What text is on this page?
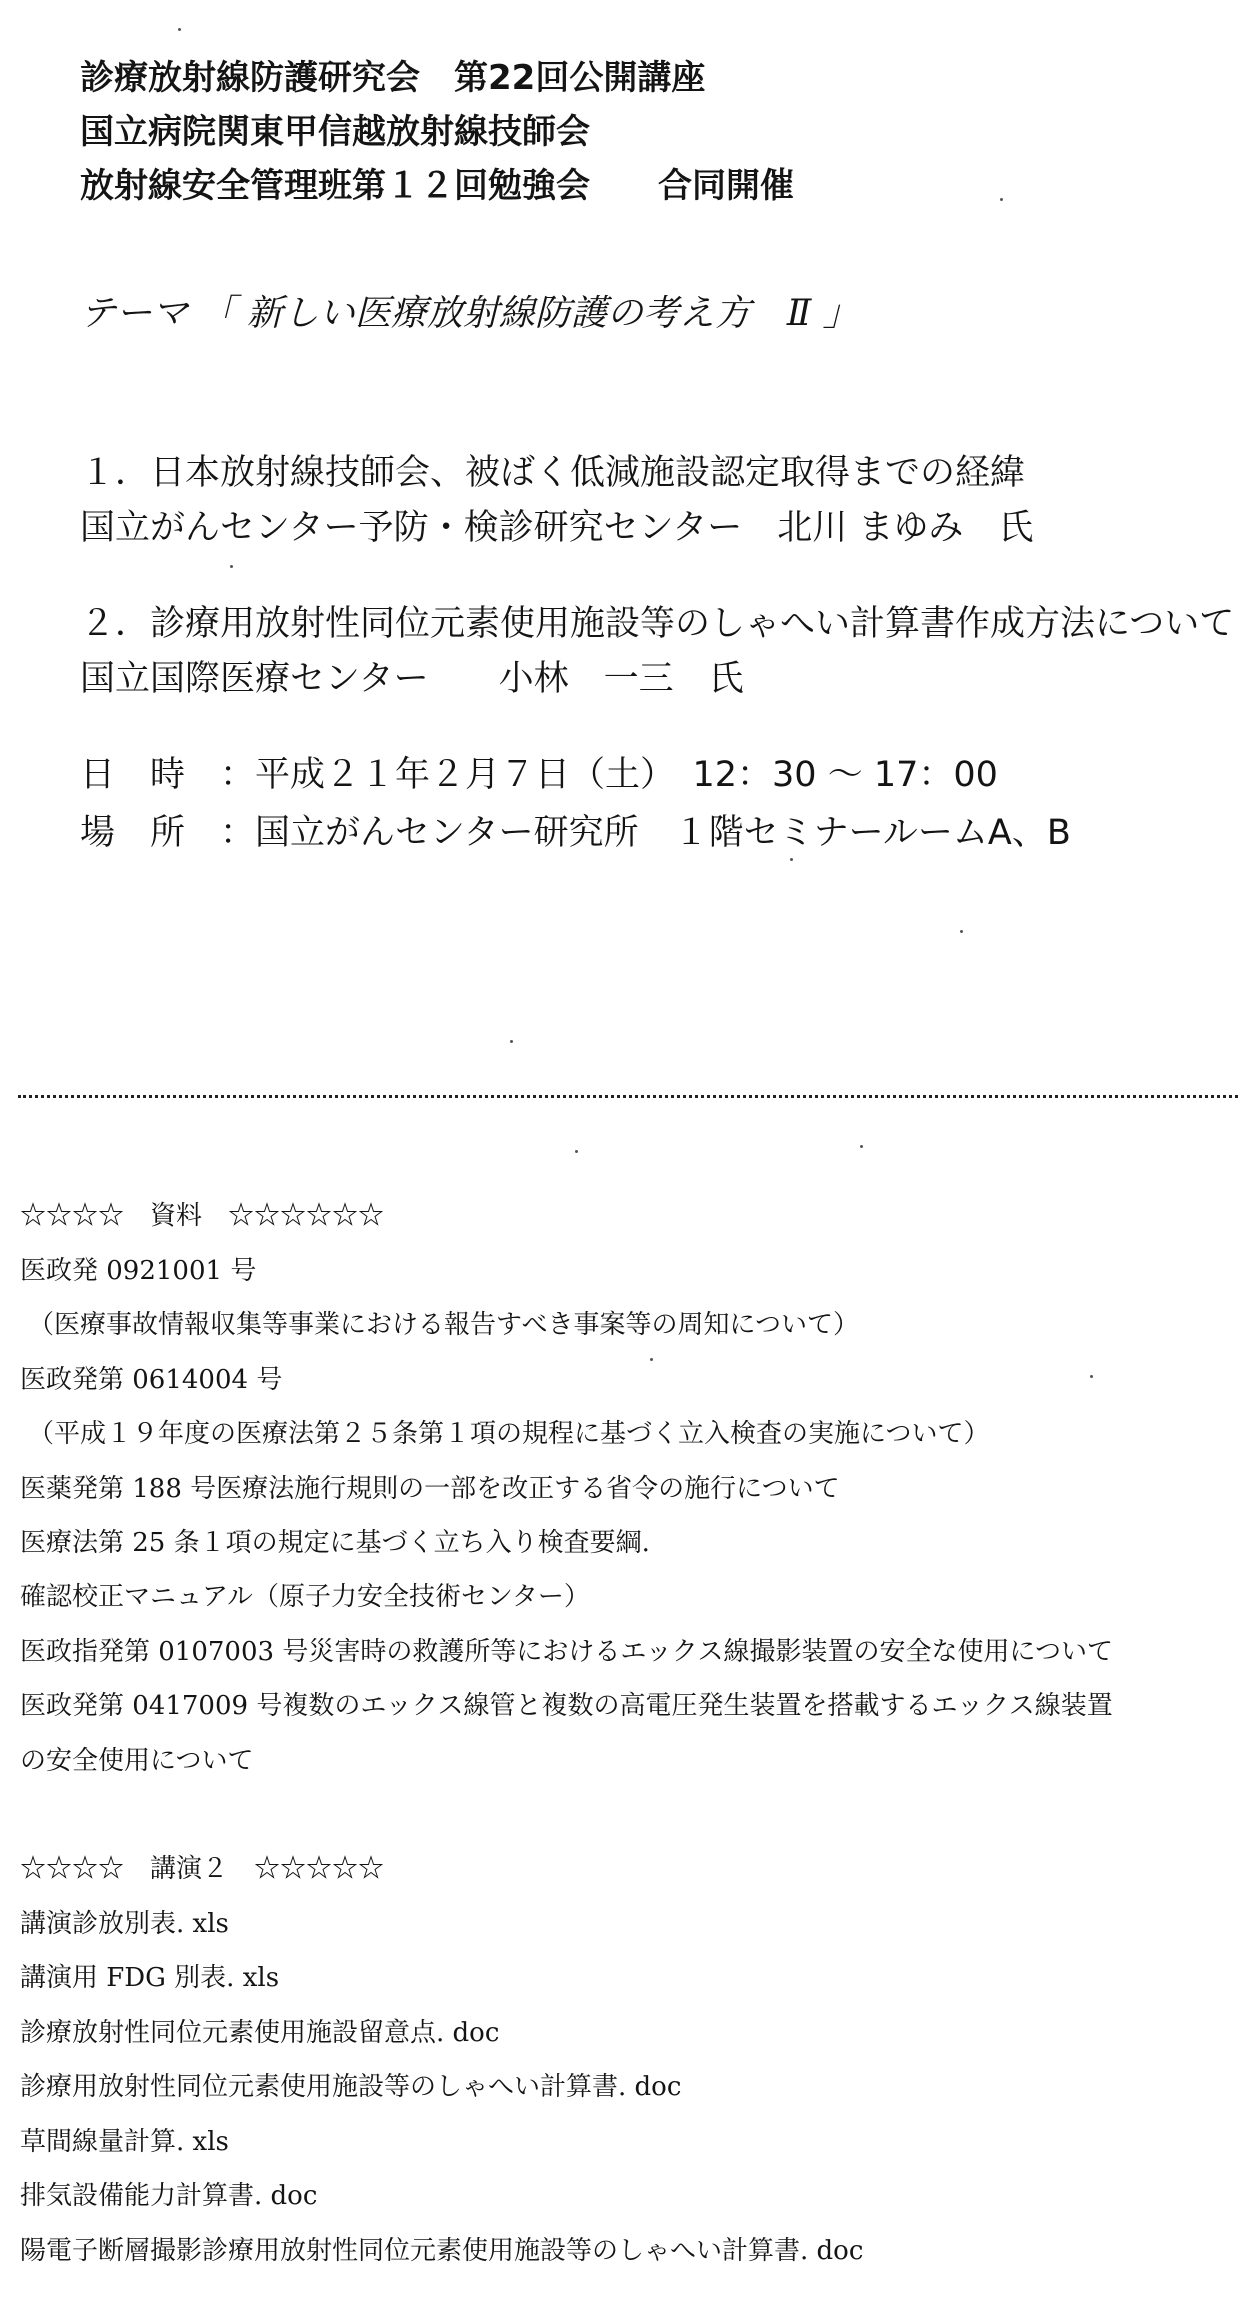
診療放射線防護研究会　第22回公開講座
国立病院関東甲信越放射線技師会
放射線安全管理班第１２回勉強会　　合同開催
テーマ 「 新しい医療放射線防護の考え方　Ⅱ 」
１．日本放射線技師会、被ばく低減施設認定取得までの経緯
国立がんセンター予防・検診研究センター　北川 まゆみ　氏
２．診療用放射性同位元素使用施設等のしゃへい計算書作成方法について
国立国際医療センター　　小林　一三　氏
日　時　：平成２１年２月７日（土）　12：30 ～ 17：00
場　所　：国立がんセンター研究所　１階セミナールームA、B
☆☆☆☆　資料　☆☆☆☆☆☆
医政発 0921001 号
（医療事故情報収集等事業における報告すべき事案等の周知について）
医政発第 0614004 号
（平成１９年度の医療法第２５条第１項の規程に基づく立入検査の実施について）
医薬発第 188 号医療法施行規則の一部を改正する省令の施行について
医療法第 25 条１項の規定に基づく立ち入り検査要綱.
確認校正マニュアル（原子力安全技術センター）
医政指発第 0107003 号災害時の救護所等におけるエックス線撮影装置の安全な使用について
医政発第 0417009 号複数のエックス線管と複数の高電圧発生装置を搭載するエックス線装置
の安全使用について
☆☆☆☆　講演２　☆☆☆☆☆
講演診放別表. xls
講演用 FDG 別表. xls
診療放射性同位元素使用施設留意点. doc
診療用放射性同位元素使用施設等のしゃへい計算書. doc
草間線量計算. xls
排気設備能力計算書. doc
陽電子断層撮影診療用放射性同位元素使用施設等のしゃへい計算書. doc
